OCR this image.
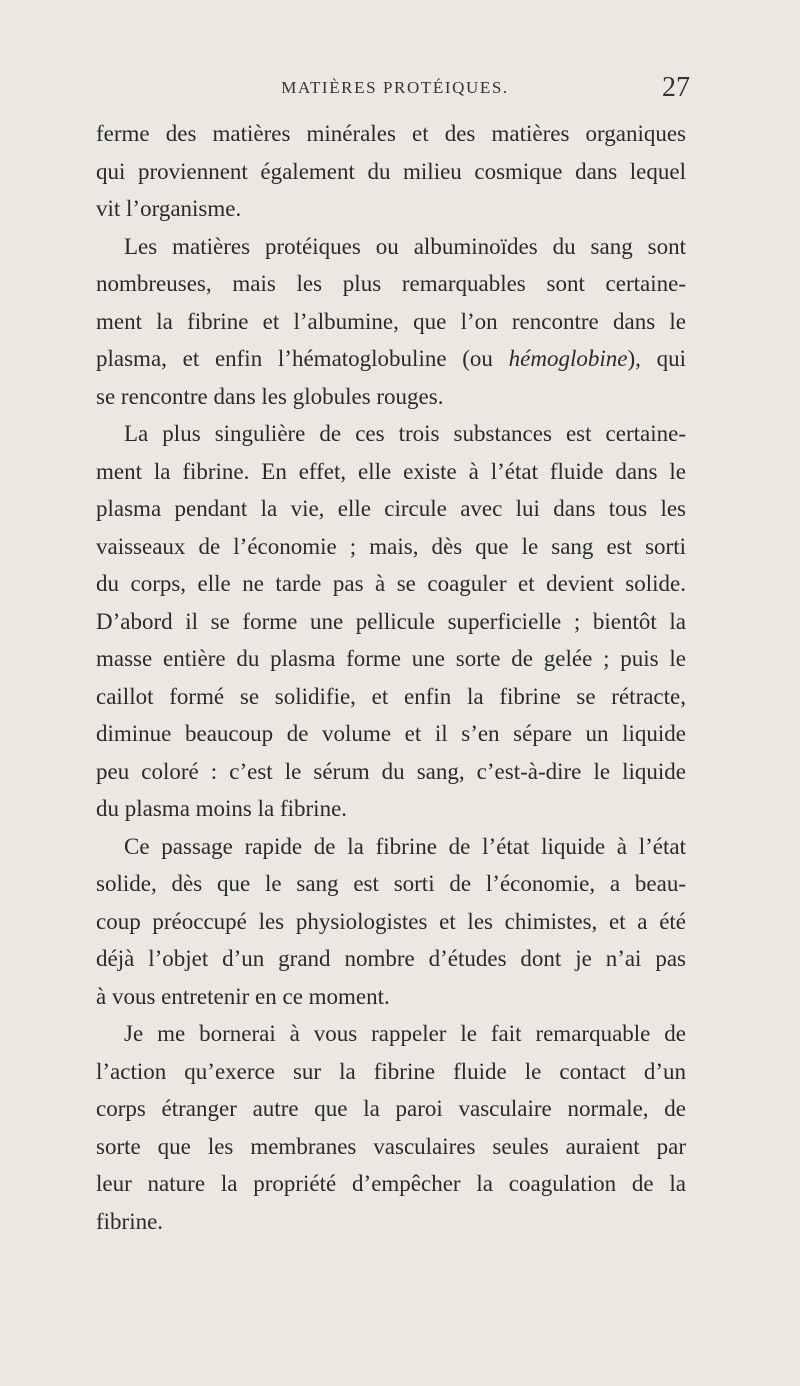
MATIÈRES PROTÉIQUES.	27
ferme des matières minérales et des matières organiques
qui proviennent également du milieu cosmique dans lequel
vit l’organisme.
Les matières protéiques ou albuminoïdes du sang sont
nombreuses, mais les plus remarquables sont certaine-
ment la fibrine et l’albumine, que l’on rencontre dans le
plasma, et enfin l’hématoglobuline (ou hémoglobine), qui
se rencontre dans les globules rouges.
La plus singulière de ces trois substances est certaine-
ment la fibrine. En effet, elle existe à l’état fluide dans le
plasma pendant la vie, elle circule avec lui dans tous les
vaisseaux de l’économie ; mais, dès que le sang est sorti
du corps, elle ne tarde pas à se coaguler et devient solide.
D’abord il se forme une pellicule superficielle ; bientôt la
masse entière du plasma forme une sorte de gelée ; puis le
caillot formé se solidifie, et enfin la fibrine se rétracte,
diminue beaucoup de volume et il s’en sépare un liquide
peu coloré : c’est le sérum du sang, c’est-à-dire le liquide
du plasma moins la fibrine.
Ce passage rapide de la fibrine de l’état liquide à l’état
solide, dès que le sang est sorti de l’économie, a beau-
coup préoccupé les physiologistes et les chimistes, et a été
déjà l’objet d’un grand nombre d’études dont je n’ai pas
à vous entretenir en ce moment.
Je me bornerai à vous rappeler le fait remarquable de
l’action qu’exerce sur la fibrine fluide le contact d’un
corps étranger autre que la paroi vasculaire normale, de
sorte que les membranes vasculaires seules auraient par
leur nature la propriété d’empêcher la coagulation de la
fibrine.
